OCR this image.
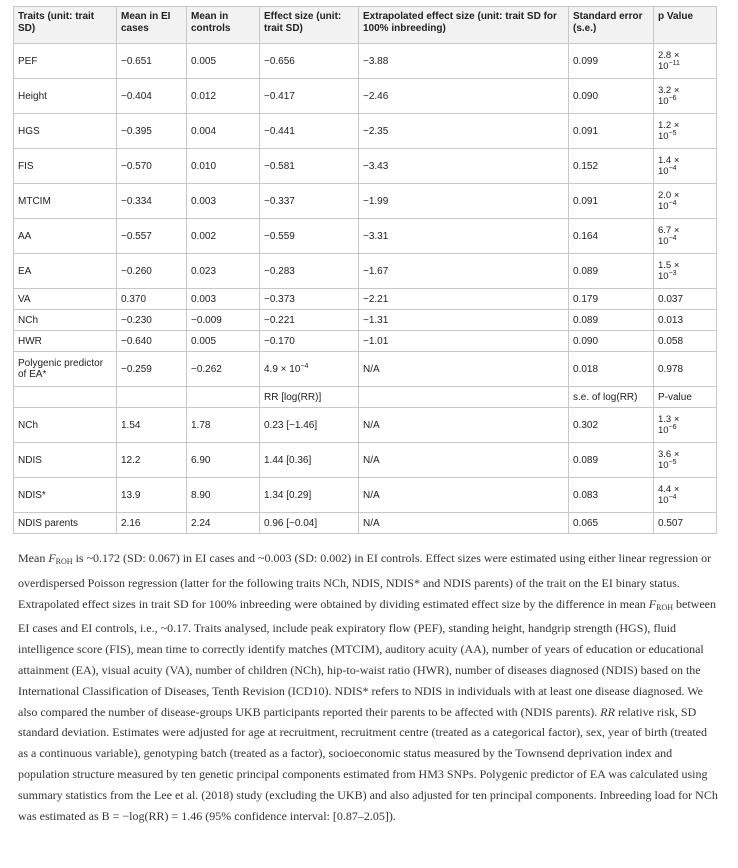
Traits (unit: trait SD)	Mean in EI cases	Mean in controls	Effect size (unit: trait SD)	Extrapolated effect size (unit: trait SD for 100% inbreeding)	Standard error (s.e.)	p Value
PEF	−0.651	0.005	−0.656	−3.88	0.099	2.8 ×
$10^{-11}$
Height	−0.404	0.012	−0.417	−2.46	0.090	3.2 ×
$10^{-6}$
HGS	−0.395	0.004	−0.441	−2.35	0.091	1.2 ×
$10^{-5}$
FIS	−0.570	0.010	−0.581	−3.43	0.152	1.4 ×
$10^{-4}$
MTCIM	−0.334	0.003	−0.337	−1.99	0.091	2.0 ×
$10^{-4}$
AA	−0.557	0.002	−0.559	−3.31	0.164	6.7 ×
$10^{-4}$
EA	−0.260	0.023	−0.283	−1.67	0.089	1.5 ×
$10^{-3}$
VA	0.370	0.003	−0.373	−2.21	0.179	0.037
NCh	−0.230	−0.009	−0.221	−1.31	0.089	0.013
HWR	−0.640	0.005	−0.170	−1.01	0.090	0.058
Polygenic predictor of EA*	−0.259	−0.262	$4.9 \times 10^{-4}$	N/A	0.018	0.978
			RR [log(RR)]		s.e. of log(RR)	P-value
NCh	1.54	1.78	0.23 [−1.46]	N/A	0.302	1.3 ×
$10^{-6}$
NDIS	12.2	6.90	1.44 [0.36]	N/A	0.089	3.6 ×
$10^{-5}$
NDIS*	13.9	8.90	1.34 [0.29]	N/A	0.083	4.4 ×
$10^{-4}$
NDIS parents	2.16	2.24	0.96 [−0.04]	N/A	0.065	0.507
Mean FROH is ~0.172 (SD: 0.067) in EI cases and ~0.003 (SD: 0.002) in EI controls. Effect sizes were estimated using either linear regression or overdispersed Poisson regression (latter for the following traits NCh, NDIS, NDIS* and NDIS parents) of the trait on the EI binary status. Extrapolated effect sizes in trait SD for 100% inbreeding were obtained by dividing estimated effect size by the difference in mean FROH between EI cases and EI controls, i.e., ~0.17. Traits analysed, include peak expiratory flow (PEF), standing height, handgrip strength (HGS), fluid intelligence score (FIS), mean time to correctly identify matches (MTCIM), auditory acuity (AA), number of years of education or educational attainment (EA), visual acuity (VA), number of children (NCh), hip-to-waist ratio (HWR), number of diseases diagnosed (NDIS) based on the International Classification of Diseases, Tenth Revision (ICD10). NDIS* refers to NDIS in individuals with at least one disease diagnosed. We also compared the number of disease-groups UKB participants reported their parents to be affected with (NDIS parents). RR relative risk, SD standard deviation. Estimates were adjusted for age at recruitment, recruitment centre (treated as a categorical factor), sex, year of birth (treated as a continuous variable), genotyping batch (treated as a factor), socioeconomic status measured by the Townsend deprivation index and population structure measured by ten genetic principal components estimated from HM3 SNPs. Polygenic predictor of EA was calculated using summary statistics from the Lee et al. (2018) study (excluding the UKB) and also adjusted for ten principal components. Inbreeding load for NCh was estimated as B = −log(RR) = 1.46 (95% confidence interval: [0.87–2.05]).
